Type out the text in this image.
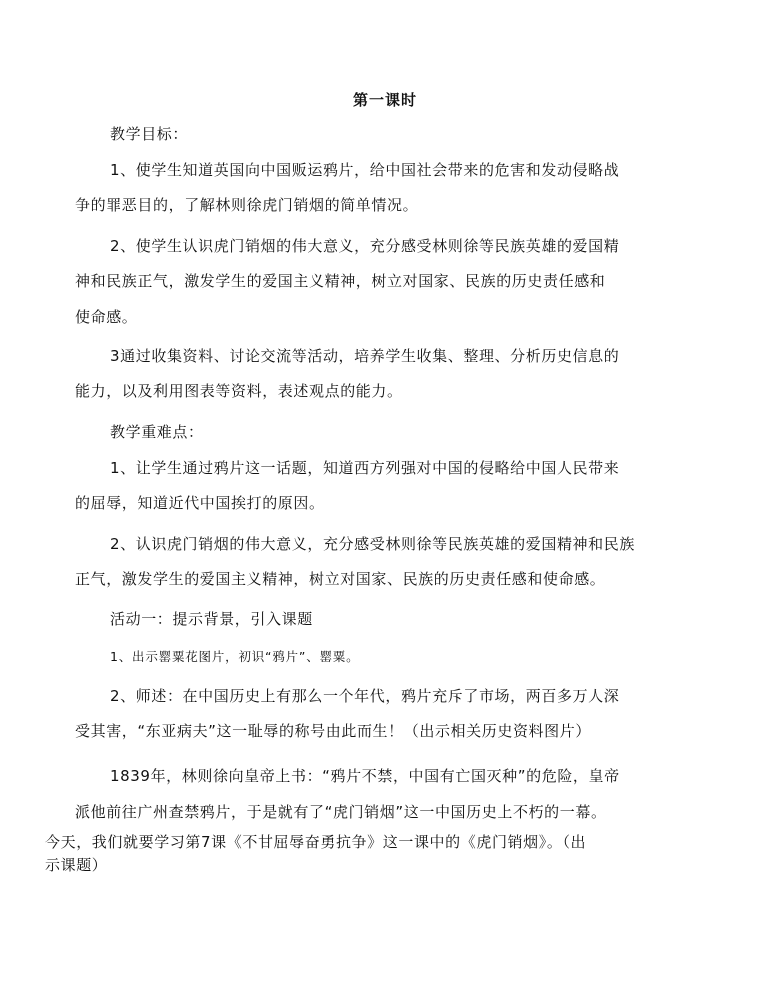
第一课时
教学目标：
1、使学生知道英国向中国贩运鸦片，给中国社会带来的危害和发动侵略战
争的罪恶目的，了解林则徐虎门销烟的简单情况。
2、使学生认识虎门销烟的伟大意义，充分感受林则徐等民族英雄的爱国精
神和民族正气，激发学生的爱国主义精神，树立对国家、民族的历史责任感和
使命感。
3通过收集资料、讨论交流等活动，培养学生收集、整理、分析历史信息的
能力，以及利用图表等资料，表述观点的能力。
教学重难点：
1、让学生通过鸦片这一话题，知道西方列强对中国的侵略给中国人民带来
的屈辱，知道近代中国挨打的原因。
2、认识虎门销烟的伟大意义，充分感受林则徐等民族英雄的爱国精神和民族
正气，激发学生的爱国主义精神，树立对国家、民族的历史责任感和使命感。
活动一：提示背景，引入课题
1、出示罂粟花图片，初识“鸦片”、罂粟。
2、师述：在中国历史上有那么一个年代，鸦片充斥了市场，两百多万人深
受其害，“东亚病夫”这一耻辱的称号由此而生！（出示相关历史资料图片）
1839年，林则徐向皇帝上书：“鸦片不禁，中国有亡国灭种”的危险，皇帝
派他前往广州查禁鸦片，于是就有了“虎门销烟”这一中国历史上不朽的一幕。
今天，我们就要学习第7课《不甘屈辱奋勇抗争》这一课中的《虎门销烟》。（出
示课题）
